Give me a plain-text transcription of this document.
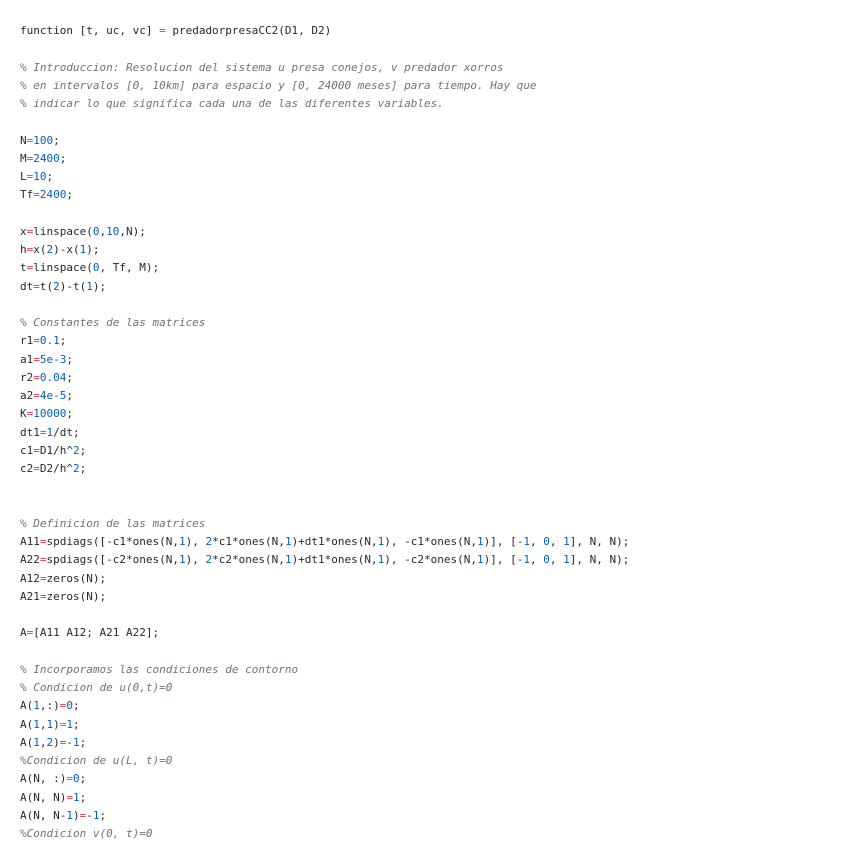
function [t, uc, vc] = predadorpresaCC2(D1, D2)

% Introduccion: Resolucion del sistema u presa conejos, v predador xorros
% en intervalos [0, 10km] para espacio y [0, 24000 meses] para tiempo. Hay que
% indicar lo que significa cada una de las diferentes variables.

N=100;
M=2400;
L=10;
Tf=2400;

x=linspace(0,10,N);
h=x(2)-x(1);
t=linspace(0, Tf, M);
dt=t(2)-t(1);

% Constantes de las matrices
r1=0.1;
a1=5e-3;
r2=0.04;
a2=4e-5;
K=10000;
dt1=1/dt;
c1=D1/h^2;
c2=D2/h^2;

% Definicion de las matrices
A11=spdiags([-c1*ones(N,1), 2*c1*ones(N,1)+dt1*ones(N,1), -c1*ones(N,1)], [-1, 0, 1], N, N);
A22=spdiags([-c2*ones(N,1), 2*c2*ones(N,1)+dt1*ones(N,1), -c2*ones(N,1)], [-1, 0, 1], N, N);
A12=zeros(N);
A21=zeros(N);

A=[A11 A12; A21 A22];

% Incorporamos las condiciones de contorno
% Condicion de u(0,t)=0
A(1,:)=0;
A(1,1)=1;
A(1,2)=-1;
%Condicion de u(L, t)=0
A(N, :)=0;
A(N, N)=1;
A(N, N-1)=-1;
%Condicion v(0, t)=0
